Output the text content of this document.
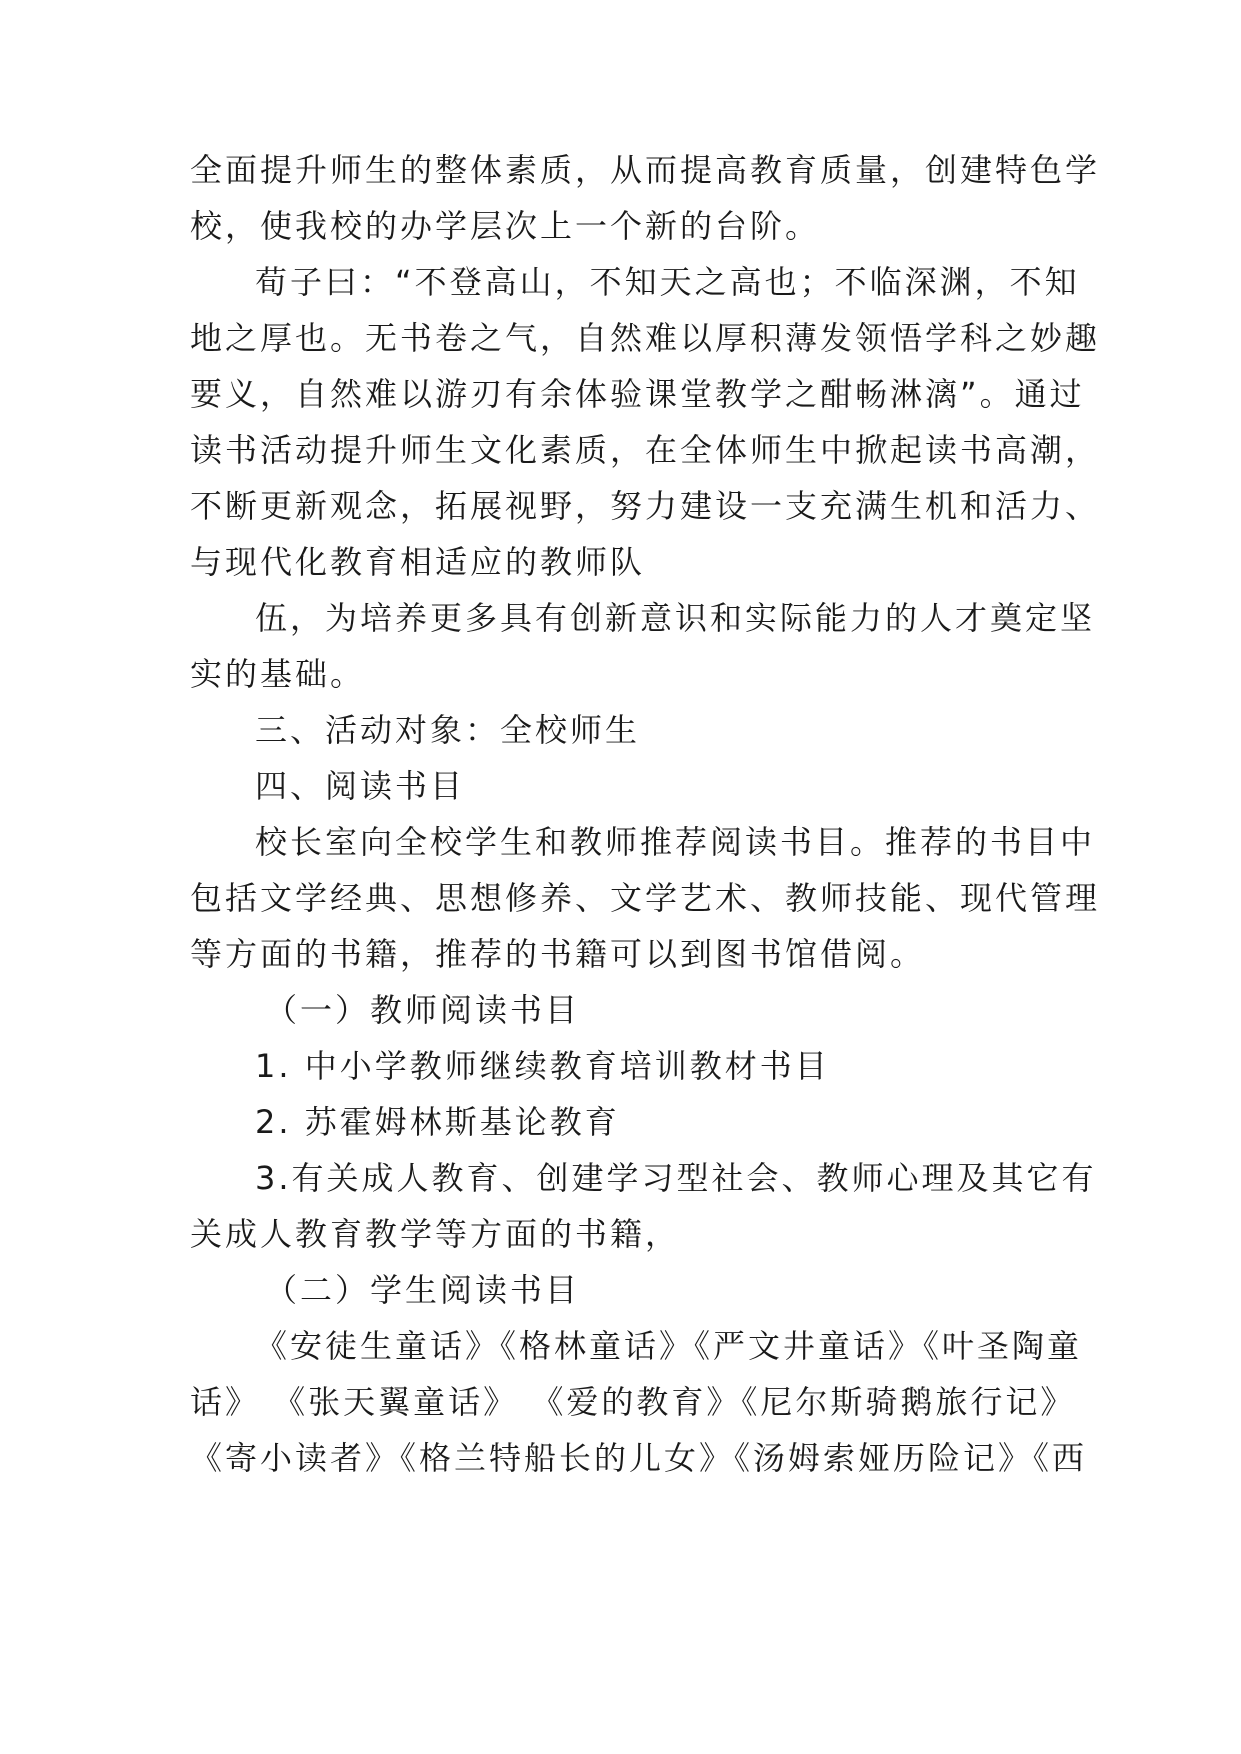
全面提升师生的整体素质，从而提高教育质量，创建特色学
校，使我校的办学层次上一个新的台阶。
荀子曰：“不登高山，不知天之高也；不临深渊，不知
地之厚也。无书卷之气，自然难以厚积薄发领悟学科之妙趣
要义，自然难以游刃有余体验课堂教学之酣畅淋漓”。通过
读书活动提升师生文化素质，在全体师生中掀起读书高潮，
不断更新观念，拓展视野，努力建设一支充满生机和活力、
与现代化教育相适应的教师队
伍，为培养更多具有创新意识和实际能力的人才奠定坚
实的基础。
三、活动对象：全校师生
四、阅读书目
校长室向全校学生和教师推荐阅读书目。推荐的书目中
包括文学经典、思想修养、文学艺术、教师技能、现代管理
等方面的书籍，推荐的书籍可以到图书馆借阅。
（一）教师阅读书目
1. 中小学教师继续教育培训教材书目
2. 苏霍姆林斯基论教育
3.有关成人教育、创建学习型社会、教师心理及其它有
关成人教育教学等方面的书籍，
（二）学生阅读书目
《安徒生童话》《格林童话》《严文井童话》《叶圣陶童
话》 《张天翼童话》 《爱的教育》《尼尔斯骑鹅旅行记》
《寄小读者》《格兰特船长的儿女》《汤姆索娅历险记》《西
